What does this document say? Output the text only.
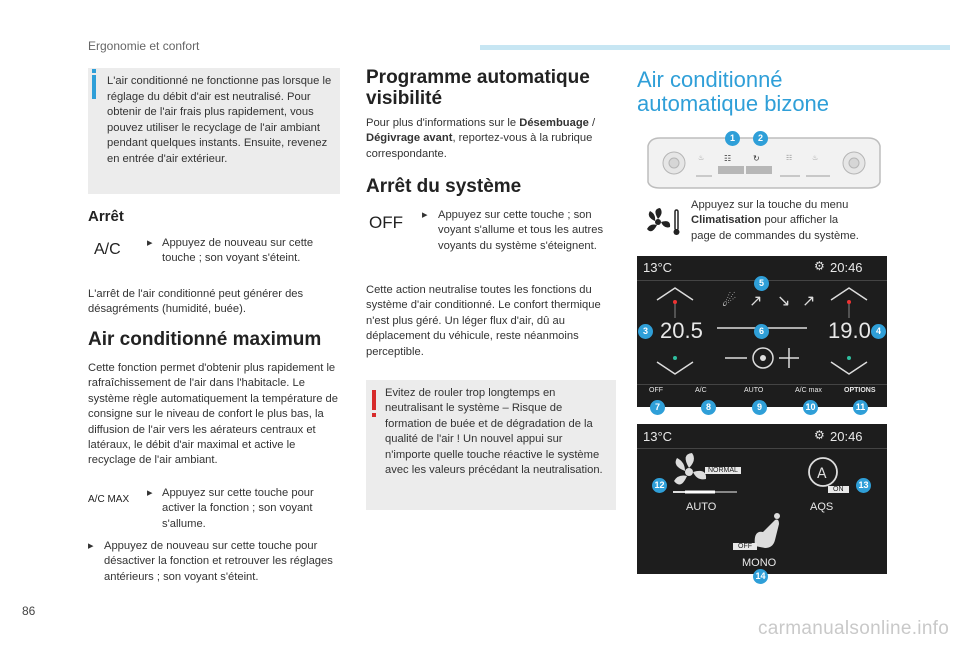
Ergonomie et confort
86
carmanualsonline.info
L'air conditionné ne fonctionne pas lorsque le réglage du débit d'air est neutralisé. Pour obtenir de l'air frais plus rapidement, vous pouvez utiliser le recyclage de l'air ambiant pendant quelques instants. Ensuite, revenez en entrée d'air extérieur.
Arrêt
A/C ▸ Appuyez de nouveau sur cette touche ; son voyant s'éteint.
L'arrêt de l'air conditionné peut générer des désagréments (humidité, buée).
Air conditionné maximum
Cette fonction permet d'obtenir plus rapidement le rafraîchissement de l'air dans l'habitacle. Le système règle automatiquement la température de consigne sur le niveau de confort le plus bas, la diffusion de l'air vers les aérateurs centraux et latéraux, le débit d'air maximal et active le recyclage de l'air ambiant.
A/C MAX
▸ Appuyez sur cette touche pour activer la fonction ; son voyant s'allume.
▸ Appuyez de nouveau sur cette touche pour désactiver la fonction et retrouver les réglages antérieurs ; son voyant s'éteint.
Programme automatique visibilité
Pour plus d'informations sur le Désembuage / Dégivrage avant, reportez-vous à la rubrique correspondante.
Arrêt du système
OFF ▸ Appuyez sur cette touche ; son voyant s'allume et tous les autres voyants du système s'éteignent.
Cette action neutralise toutes les fonctions du système d'air conditionné. Le confort thermique n'est plus géré. Un léger flux d'air, dû au déplacement du véhicule, reste néanmoins perceptible.
Evitez de rouler trop longtemps en neutralisant le système – Risque de formation de buée et de dégradation de la qualité de l'air ! Un nouvel appui sur n'importe quelle touche réactive le système avec les valeurs précédant la neutralisation.
Air conditionné
automatique bizone
♨	☷	♨
☷	↻
1	2
Appuyez sur la touche du menu Climatisation pour afficher la page de commandes du système.
13°C	20:46
⚙
☄ ↗ ↘ ↗
20.5	19.0
OFF	A/C	AUTO	A/C max	OPTIONS
5
3	6	4
7	8	9	10	11
13°C	20:46
⚙
A
NORMAL
AUTO
ON
AQS
OFF
MONO
12	13
14
